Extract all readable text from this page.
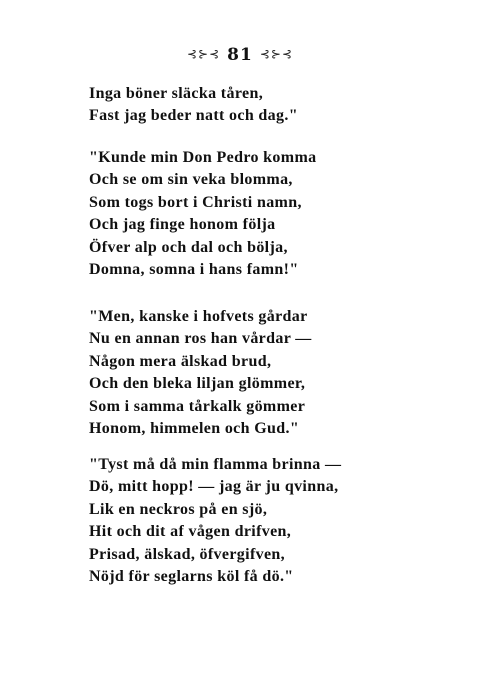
⊰⊱⊰ 81 ⊰⊱⊰
Inga böner släcka tåren,
Fast jag beder natt och dag."
"Kunde min Don Pedro komma
Och se om sin veka blomma,
Som togs bort i Christi namn,
Och jag finge honom följa
Öfver alp och dal och bölja,
Domna, somna i hans famn!"
"Men, kanske i hofvets gårdar
Nu en annan ros han vårdar —
Någon mera älskad brud,
Och den bleka liljan glömmer,
Som i samma tårkalk gömmer
Honom, himmelen och Gud."
"Tyst må då min flamma brinna —
Dö, mitt hopp! — jag är ju qvinna,
Lik en neckros på en sjö,
Hit och dit af vågen drifven,
Prisad, älskad, öfvergifven,
Nöjd för seglarns köl få dö."
